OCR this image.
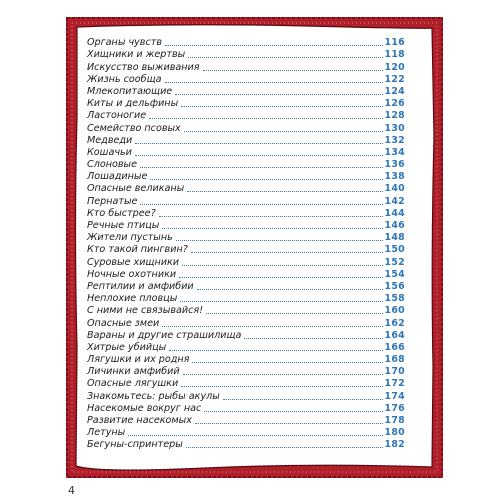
Органы чувств	116
Хищники и жертвы	118
Искусство выживания	120
Жизнь сообща	122
Млекопитающие	124
Киты и дельфины	126
Ластоногие	128
Семейство псовых	130
Медведи	132
Кошачьи	134
Слоновые	136
Лошадиные	138
Опасные великаны	140
Пернатые	142
Кто быстрее?	144
Речные птицы	146
Жители пустынь	148
Кто такой пингвин?	150
Суровые хищники	152
Ночные охотники	154
Рептилии и амфибии	156
Неплохие пловцы	158
С ними не связывайся!	160
Опасные змеи	162
Вараны и другие страшилища	164
Хитрые убийцы	166
Лягушки и их родня	168
Личинки амфибий	170
Опасные лягушки	172
Знакомьтесь: рыбы акулы	174
Насекомые вокруг нас	176
Развитие насекомых	178
Летуны	180
Бегуны-спринтеры	182
4
